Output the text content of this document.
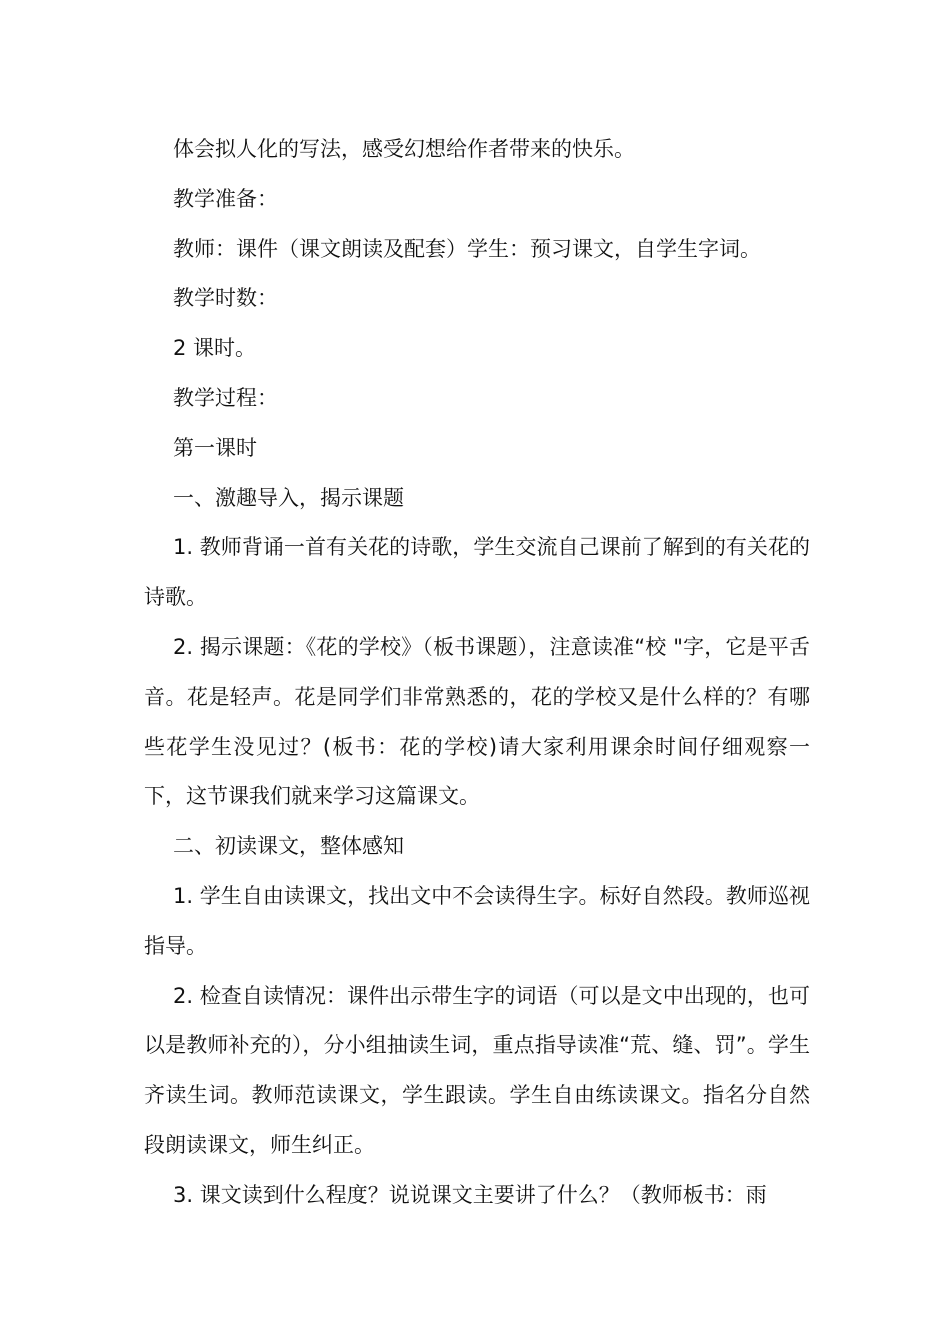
体会拟人化的写法，感受幻想给作者带来的快乐。

教学准备：

教师：课件（课文朗读及配套）学生：预习课文，自学生字词。

教学时数：

2 课时。

教学过程：

第一课时

一、激趣导入，揭示课题

1. 教师背诵一首有关花的诗歌，学生交流自己课前了解到的有关花的诗歌。

2. 揭示课题：《花的学校》（板书课题），注意读准“校 "字，它是平舌音。花是轻声。花是同学们非常熟悉的，花的学校又是什么样的？有哪些花学生没见过？(板书：花的学校)请大家利用课余时间仔细观察一下，这节课我们就来学习这篇课文。

二、初读课文，整体感知

1. 学生自由读课文，找出文中不会读得生字。标好自然段。教师巡视指导。

2. 检查自读情况：课件出示带生字的词语（可以是文中出现的，也可以是教师补充的），分小组抽读生词，重点指导读准“荒、缝、罚”。学生齐读生词。教师范读课文，学生跟读。学生自由练读课文。指名分自然段朗读课文，师生纠正。

3. 课文读到什么程度？说说课文主要讲了什么？（教师板书：雨
